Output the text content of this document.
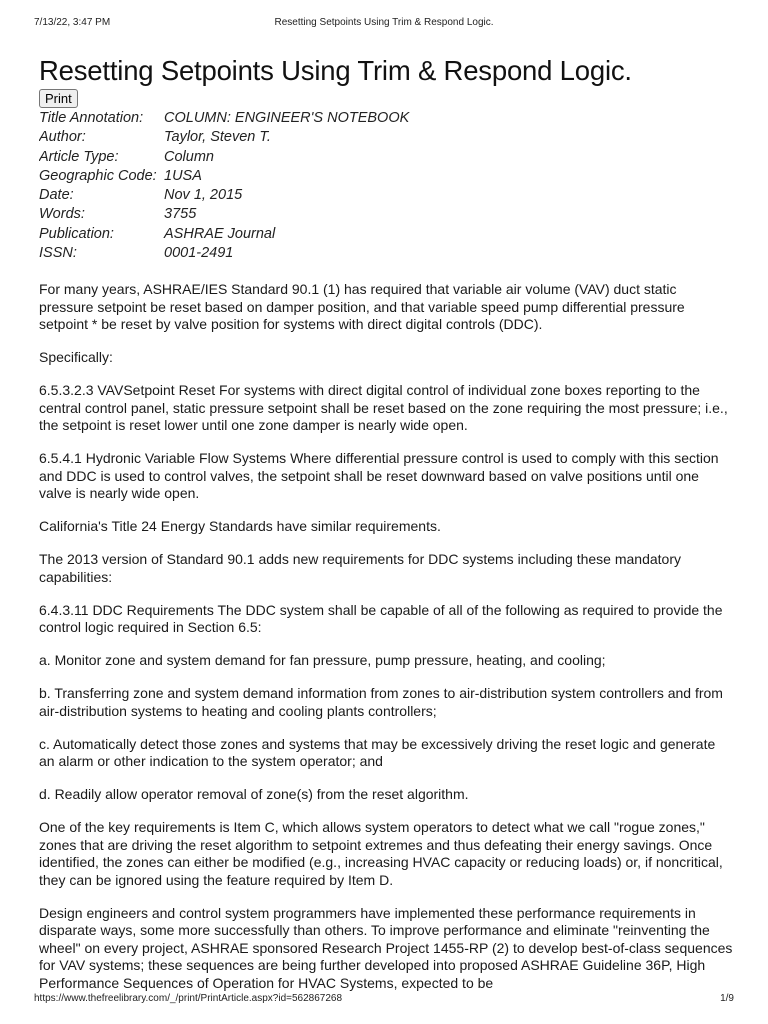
7/13/22, 3:47 PM	Resetting Setpoints Using Trim & Respond Logic.
Resetting Setpoints Using Trim & Respond Logic.
Print
Title Annotation:	COLUMN: ENGINEER'S NOTEBOOK
Author:	Taylor, Steven T.
Article Type:	Column
Geographic Code: 1USA
Date:	Nov 1, 2015
Words:	3755
Publication:	ASHRAE Journal
ISSN:	0001-2491

For many years, ASHRAE/IES Standard 90.1 (1) has required that variable air volume (VAV) duct static pressure setpoint be reset based on damper position, and that variable speed pump differential pressure setpoint * be reset by valve position for systems with direct digital controls (DDC).

Specifically:

6.5.3.2.3 VAVSetpoint Reset For systems with direct digital control of individual zone boxes reporting to the central control panel, static pressure setpoint shall be reset based on the zone requiring the most pressure; i.e., the setpoint is reset lower until one zone damper is nearly wide open.

6.5.4.1 Hydronic Variable Flow Systems Where differential pressure control is used to comply with this section and DDC is used to control valves, the setpoint shall be reset downward based on valve positions until one valve is nearly wide open.

California's Title 24 Energy Standards have similar requirements.

The 2013 version of Standard 90.1 adds new requirements for DDC systems including these mandatory capabilities:

6.4.3.11 DDC Requirements The DDC system shall be capable of all of the following as required to provide the control logic required in Section 6.5:

a. Monitor zone and system demand for fan pressure, pump pressure, heating, and cooling;

b. Transferring zone and system demand information from zones to air-distribution system controllers and from air-distribution systems to heating and cooling plants controllers;

c. Automatically detect those zones and systems that may be excessively driving the reset logic and generate an alarm or other indication to the system operator; and

d. Readily allow operator removal of zone(s) from the reset algorithm.

One of the key requirements is Item C, which allows system operators to detect what we call "rogue zones," zones that are driving the reset algorithm to setpoint extremes and thus defeating their energy savings. Once identified, the zones can either be modified (e.g., increasing HVAC capacity or reducing loads) or, if noncritical, they can be ignored using the feature required by Item D.

Design engineers and control system programmers have implemented these performance requirements in disparate ways, some more successfully than others. To improve performance and eliminate "reinventing the wheel" on every project, ASHRAE sponsored Research Project 1455-RP (2) to develop best-of-class sequences for VAV systems; these sequences are being further developed into proposed ASHRAE Guideline 36P, High Performance Sequences of Operation for HVAC Systems, expected to be

https://www.thefreelibrary.com/_/print/PrintArticle.aspx?id=562867268	1/9
